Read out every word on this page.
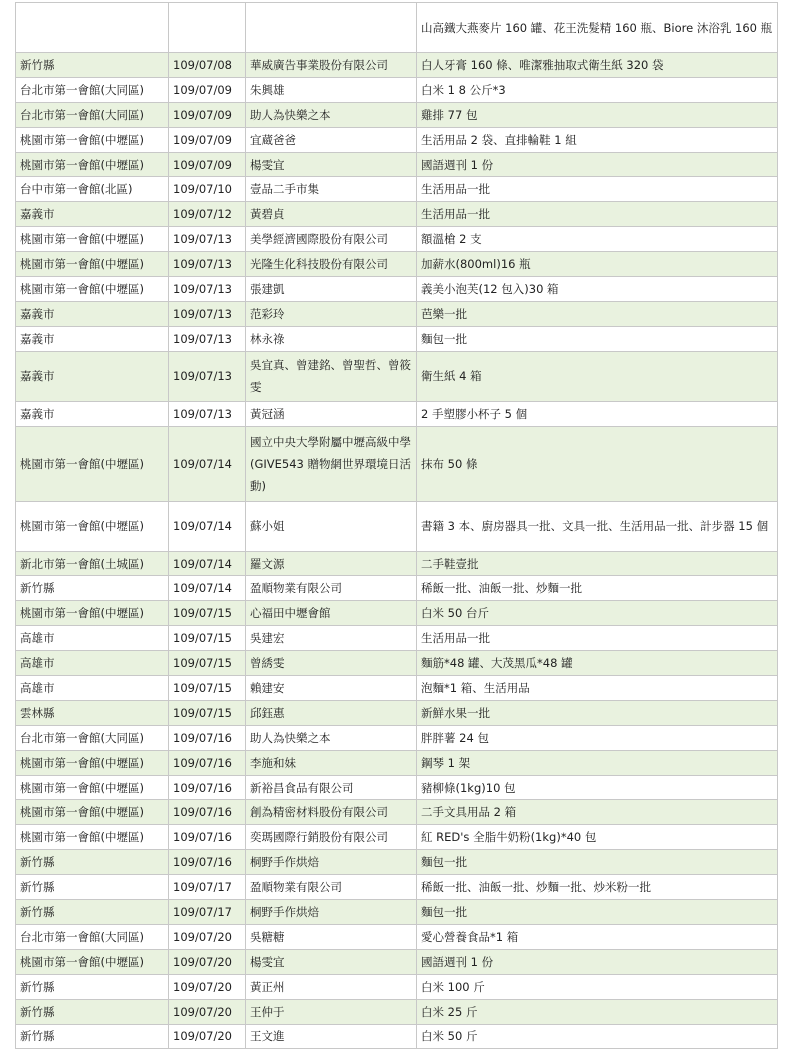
			山高鐵大燕麥片 160 罐、花王洗髮精 160 瓶、Biore 沐浴乳 160 瓶
新竹縣	109/07/08	華威廣告事業股份有限公司	白人牙膏 160 條、唯潔雅抽取式衛生紙 320 袋
台北市第一會館(大同區)	109/07/09	朱興雄	白米 1 8 公斤*3
台北市第一會館(大同區)	109/07/09	助人為快樂之本	雞排 77 包
桃園市第一會館(中壢區)	109/07/09	宜蔵爸爸	生活用品 2 袋、直排輪鞋 1 組
桃園市第一會館(中壢區)	109/07/09	楊雯宜	國語週刊 1 份
台中市第一會館(北區)	109/07/10	壹品二手市集	生活用品一批
嘉義市	109/07/12	黃碧貞	生活用品一批
桃園市第一會館(中壢區)	109/07/13	美學經濟國際股份有限公司	額溫槍 2 支
桃園市第一會館(中壢區)	109/07/13	光隆生化科技股份有限公司	加薪水(800ml)16 瓶
桃園市第一會館(中壢區)	109/07/13	張建凱	義美小泡芙(12 包入)30 箱
嘉義市	109/07/13	范彩玲	芭樂一批
嘉義市	109/07/13	林永祿	麵包一批
嘉義市	109/07/13	吳宜真、曾建銘、曾聖哲、曾筱雯	衛生紙 4 箱
嘉義市	109/07/13	黃冠涵	2 手塑膠小杯子 5 個
桃園市第一會館(中壢區)	109/07/14	國立中央大學附屬中壢高級中學(GIVE543 贈物網世界環境日活動)	抹布 50 條
桃園市第一會館(中壢區)	109/07/14	蘇小姐	書籍 3 本、廚房器具一批、文具一批、生活用品一批、計步器 15 個
新北市第一會館(土城區)	109/07/14	羅文源	二手鞋壹批
新竹縣	109/07/14	盈順物業有限公司	稀飯一批、油飯一批、炒麵一批
桃園市第一會館(中壢區)	109/07/15	心福田中壢會館	白米 50 台斤
高雄市	109/07/15	吳建宏	生活用品一批
高雄市	109/07/15	曾綉雯	麵筋*48 罐、大茂黑瓜*48 罐
高雄市	109/07/15	賴建安	泡麵*1 箱、生活用品
雲林縣	109/07/15	邱鈺惠	新鮮水果一批
台北市第一會館(大同區)	109/07/16	助人為快樂之本	胖胖薯 24 包
桃園市第一會館(中壢區)	109/07/16	李施和妹	鋼琴 1 架
桃園市第一會館(中壢區)	109/07/16	新裕昌食品有限公司	豬柳條(1kg)10 包
桃園市第一會館(中壢區)	109/07/16	創為精密材料股份有限公司	二手文具用品 2 箱
桃園市第一會館(中壢區)	109/07/16	奕瑪國際行銷股份有限公司	紅 RED's 全脂牛奶粉(1kg)*40 包
新竹縣	109/07/16	桐野手作烘焙	麵包一批
新竹縣	109/07/17	盈順物業有限公司	稀飯一批、油飯一批、炒麵一批、炒米粉一批
新竹縣	109/07/17	桐野手作烘焙	麵包一批
台北市第一會館(大同區)	109/07/20	吳糖糖	愛心營養食品*1 箱
桃園市第一會館(中壢區)	109/07/20	楊雯宜	國語週刊 1 份
新竹縣	109/07/20	黃正州	白米 100 斤
新竹縣	109/07/20	王仲于	白米 25 斤
新竹縣	109/07/20	王文進	白米 50 斤
